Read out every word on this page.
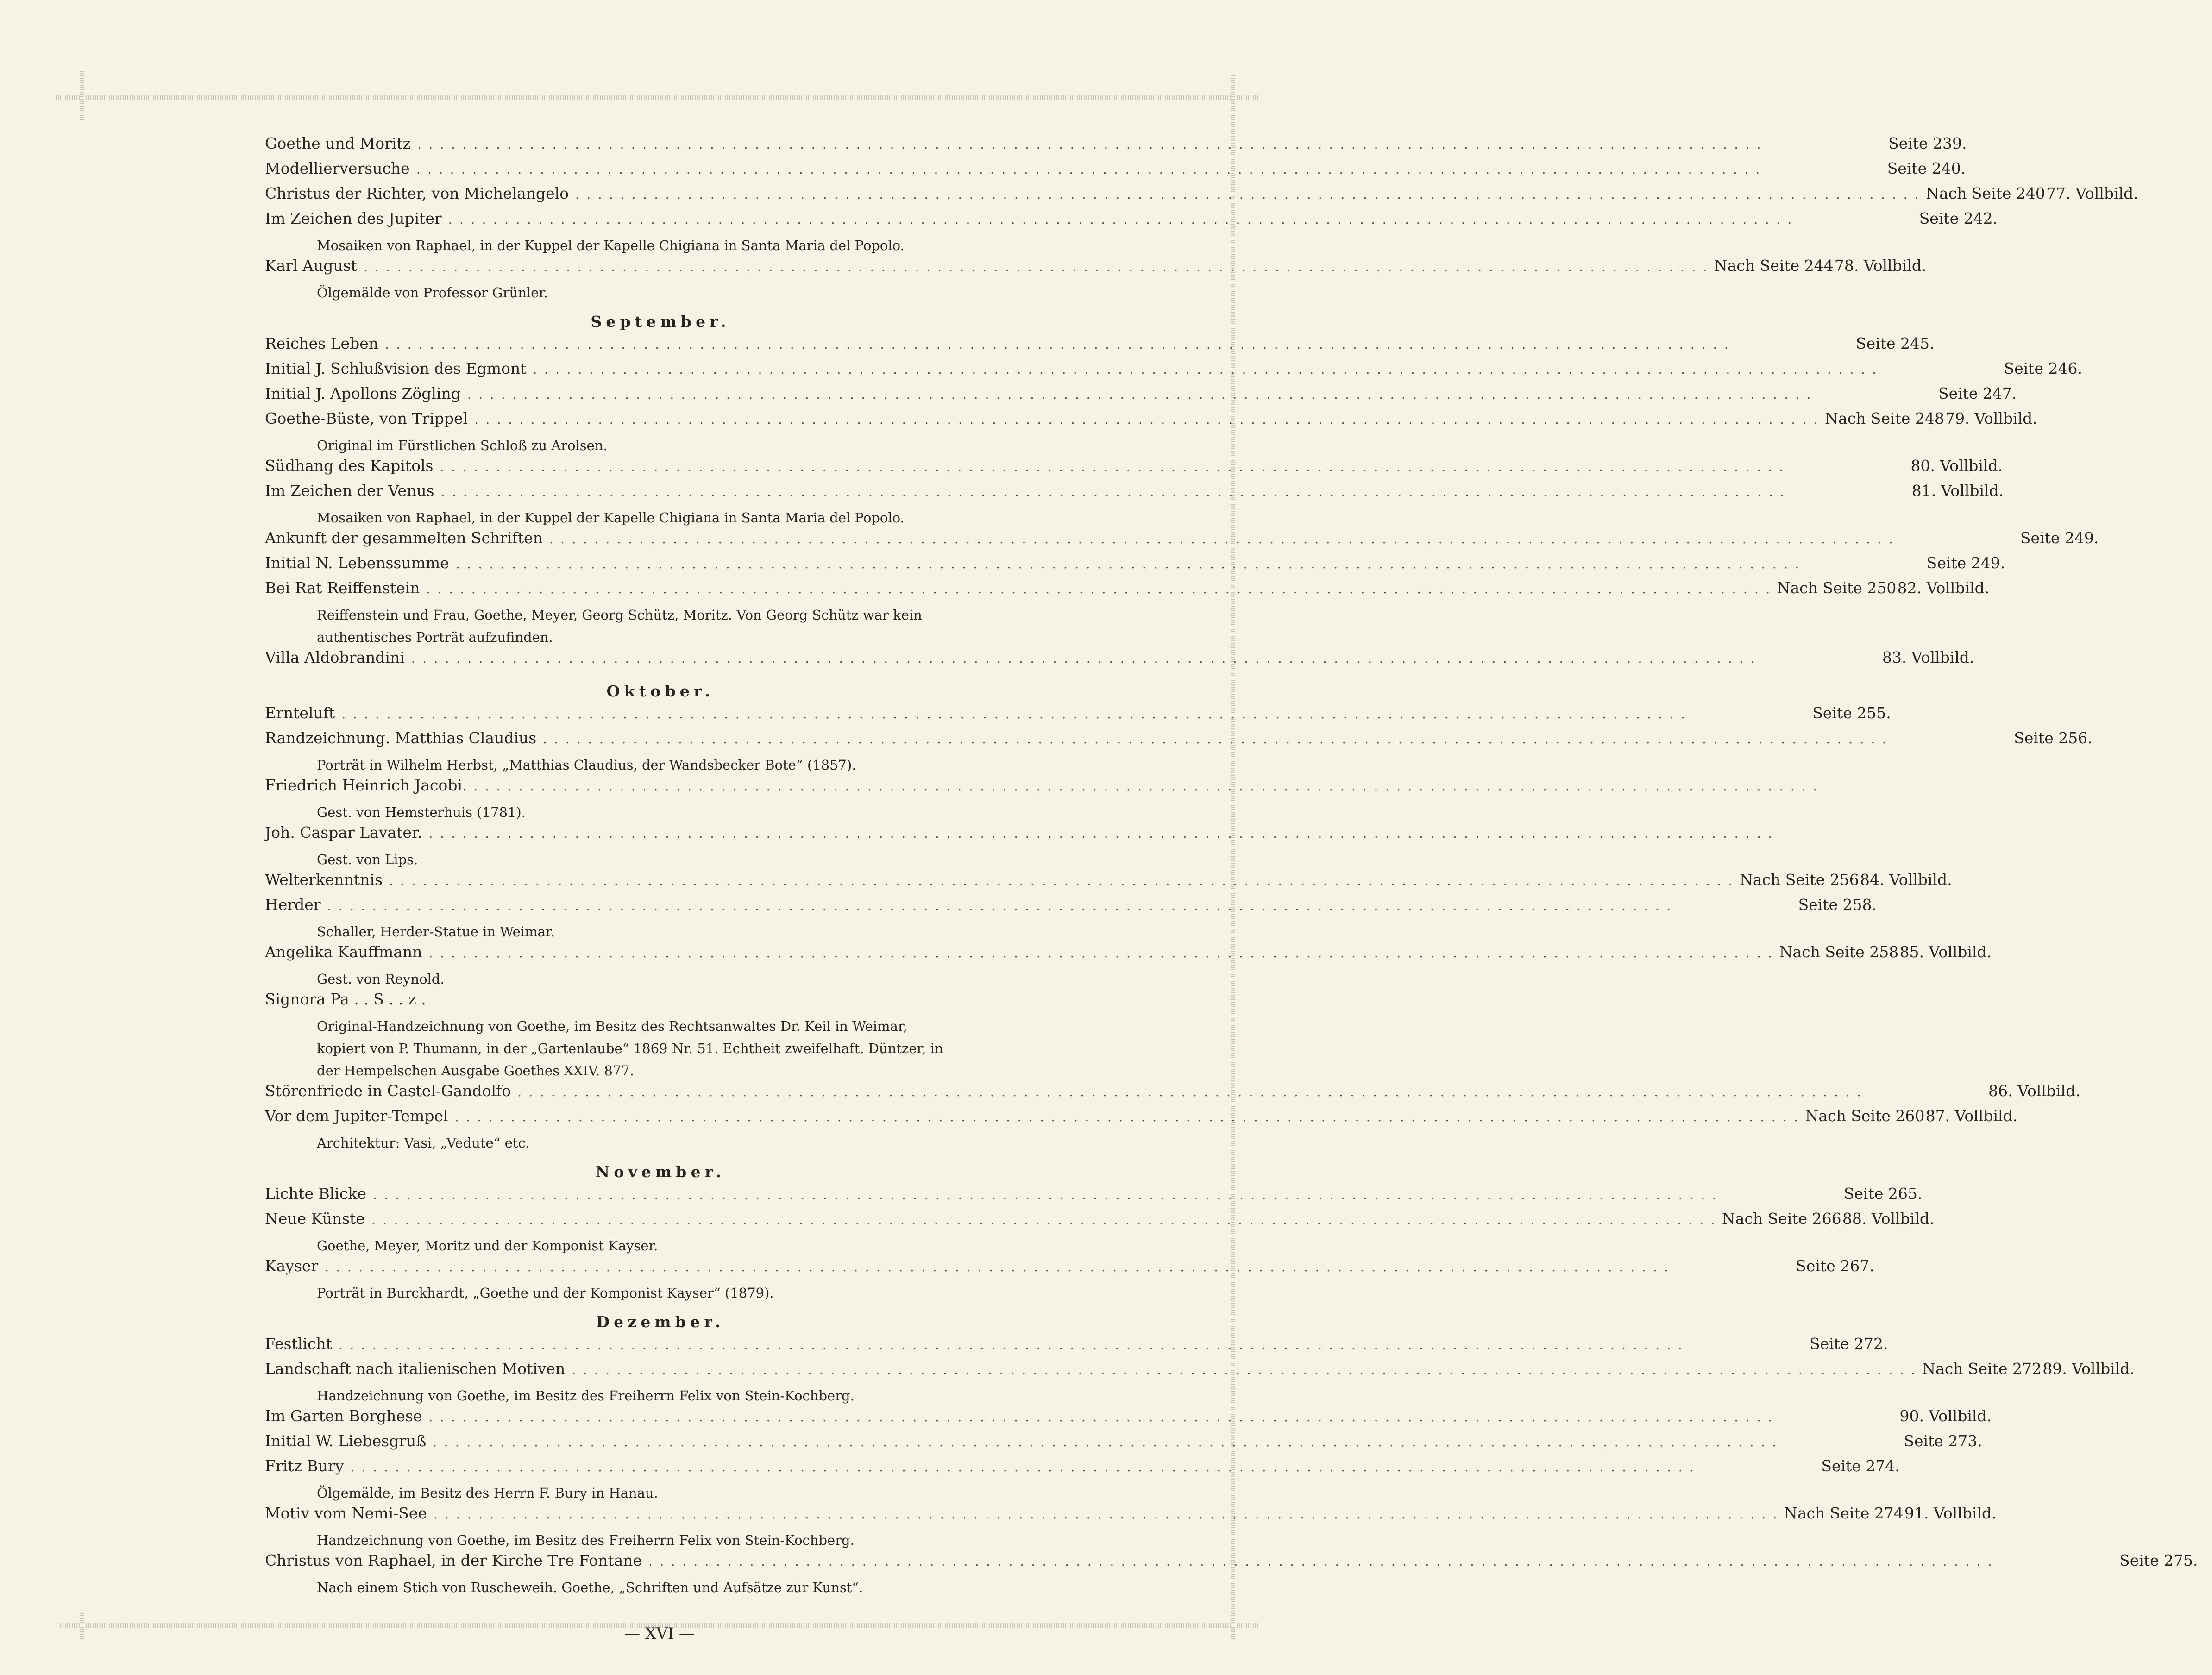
Goethe und Moritz ........................................................................................................................	Seite 239.
Modellierversuche ........................................................................................................................	Seite 240.
Christus der Richter, von Michelangelo ........................................................................................................................ Nach Seite 240 77. Vollbild.
Im Zeichen des Jupiter ........................................................................................................................	Seite 242.
Mosaiken von Raphael, in der Kuppel der Kapelle Chigiana in Santa Maria del Popolo.
Karl August ........................................................................................................................ Nach Seite 244 78. Vollbild.
Ölgemälde von Professor Grünler.
September.
Reiches Leben ........................................................................................................................	Seite 245.
Initial J. Schlußvision des Egmont ........................................................................................................................	Seite 246.
Initial J. Apollons Zögling ........................................................................................................................	Seite 247.
Goethe-Büste, von Trippel ........................................................................................................................ Nach Seite 248 79. Vollbild.
Original im Fürstlichen Schloß zu Arolsen.
Südhang des Kapitols ........................................................................................................................	80. Vollbild.
Im Zeichen der Venus ........................................................................................................................	81. Vollbild.
Mosaiken von Raphael, in der Kuppel der Kapelle Chigiana in Santa Maria del Popolo.
Ankunft der gesammelten Schriften ........................................................................................................................	Seite 249.
Initial N. Lebenssumme ........................................................................................................................	Seite 249.
Bei Rat Reiffenstein ........................................................................................................................ Nach Seite 250 82. Vollbild.
Reiffenstein und Frau, Goethe, Meyer, Georg Schütz, Moritz. Von Georg Schütz war kein authentisches Porträt aufzufinden.
Villa Aldobrandini ........................................................................................................................	83. Vollbild.
Oktober.
Ernteluft ........................................................................................................................	Seite 255.
Randzeichnung. Matthias Claudius ........................................................................................................................	Seite 256.
Porträt in Wilhelm Herbst, „Matthias Claudius, der Wandsbecker Bote“ (1857).
Friedrich Heinrich Jacobi. ........................................................................................................................
Gest. von Hemsterhuis (1781).
Joh. Caspar Lavater. ........................................................................................................................
Gest. von Lips.
Welterkenntnis ........................................................................................................................ Nach Seite 256 84. Vollbild.
Herder ........................................................................................................................	Seite 258.
Schaller, Herder-Statue in Weimar.
Angelika Kauffmann ........................................................................................................................ Nach Seite 258 85. Vollbild.
Gest. von Reynold.
Signora Pa . . S . . z .
Original-Handzeichnung von Goethe, im Besitz des Rechtsanwaltes Dr. Keil in Weimar, kopiert von P. Thumann, in der „Gartenlaube“ 1869 Nr. 51. Echtheit zweifelhaft. Düntzer, in der Hempelschen Ausgabe Goethes XXIV. 877.
Störenfriede in Castel-Gandolfo ........................................................................................................................	86. Vollbild.
Vor dem Jupiter-Tempel ........................................................................................................................ Nach Seite 260 87. Vollbild.
Architektur: Vasi, „Vedute“ etc.
November.
Lichte Blicke ........................................................................................................................	Seite 265.
Neue Künste ........................................................................................................................ Nach Seite 266 88. Vollbild.
Goethe, Meyer, Moritz und der Komponist Kayser.
Kayser ........................................................................................................................	Seite 267.
Porträt in Burckhardt, „Goethe und der Komponist Kayser“ (1879).
Dezember.
Festlicht ........................................................................................................................	Seite 272.
Landschaft nach italienischen Motiven ........................................................................................................................ Nach Seite 272 89. Vollbild.
Handzeichnung von Goethe, im Besitz des Freiherrn Felix von Stein-Kochberg.
Im Garten Borghese ........................................................................................................................	90. Vollbild.
Initial W. Liebesgruß ........................................................................................................................	Seite 273.
Fritz Bury ........................................................................................................................	Seite 274.
Ölgemälde, im Besitz des Herrn F. Bury in Hanau.
Motiv vom Nemi-See ........................................................................................................................ Nach Seite 274 91. Vollbild.
Handzeichnung von Goethe, im Besitz des Freiherrn Felix von Stein-Kochberg.
Christus von Raphael, in der Kirche Tre Fontane ........................................................................................................................	Seite 275.
Nach einem Stich von Ruscheweih. Goethe, „Schriften und Aufsätze zur Kunst“.
— XVI —
